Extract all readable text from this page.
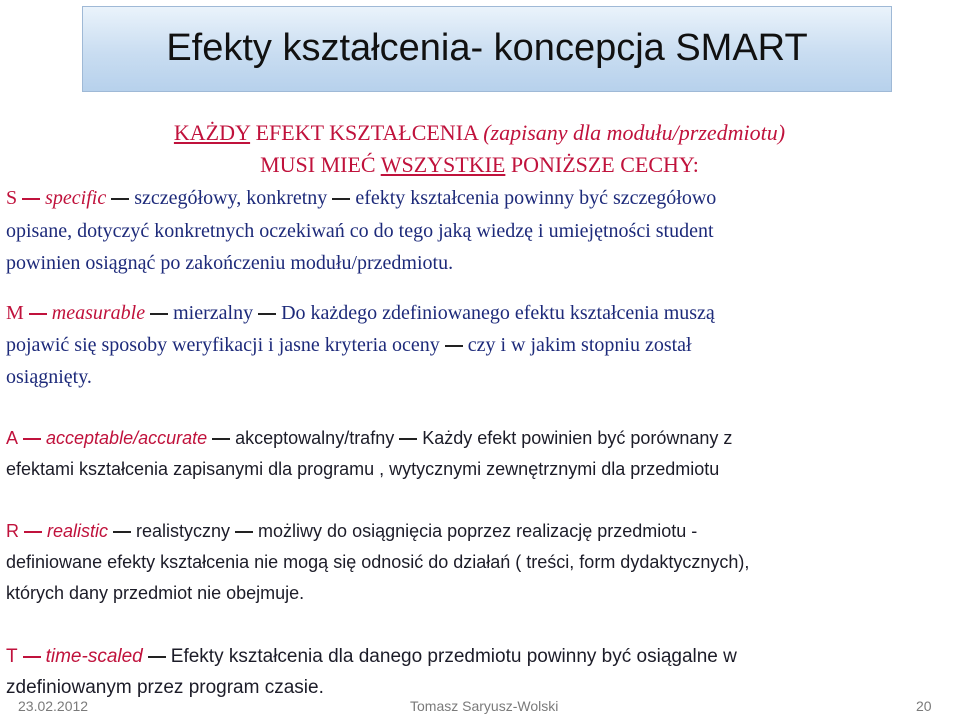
Efekty kształcenia- koncepcja SMART
KAŻDY EFEKT KSZTAŁCENIA (zapisany dla modułu/przedmiotu)
MUSI MIEĆ WSZYSTKIE PONIŻSZE CECHY:
S specific szczegółowy, konkretny efekty kształcenia powinny być szczegółowo
opisane, dotyczyć konkretnych oczekiwań co do tego jaką wiedzę i umiejętności student
powinien osiągnąć po zakończeniu modułu/przedmiotu.
M measurable mierzalny Do każdego zdefiniowanego efektu kształcenia muszą
pojawić się sposoby weryfikacji i jasne kryteria oceny czy i w jakim stopniu został
osiągnięty.
A acceptable/accurate akceptowalny/trafny Każdy efekt powinien być porównany z
efektami kształcenia zapisanymi dla programu , wytycznymi zewnętrznymi dla przedmiotu
R realistic realistyczny możliwy do osiągnięcia poprzez realizację przedmiotu -
definiowane efekty kształcenia nie mogą się odnosić do działań ( treści, form dydaktycznych),
których dany przedmiot nie obejmuje.
T time-scaled Efekty kształcenia dla danego przedmiotu powinny być osiągalne w
zdefiniowanym przez program czasie.
23.02.2012	Tomasz Saryusz-Wolski	20
